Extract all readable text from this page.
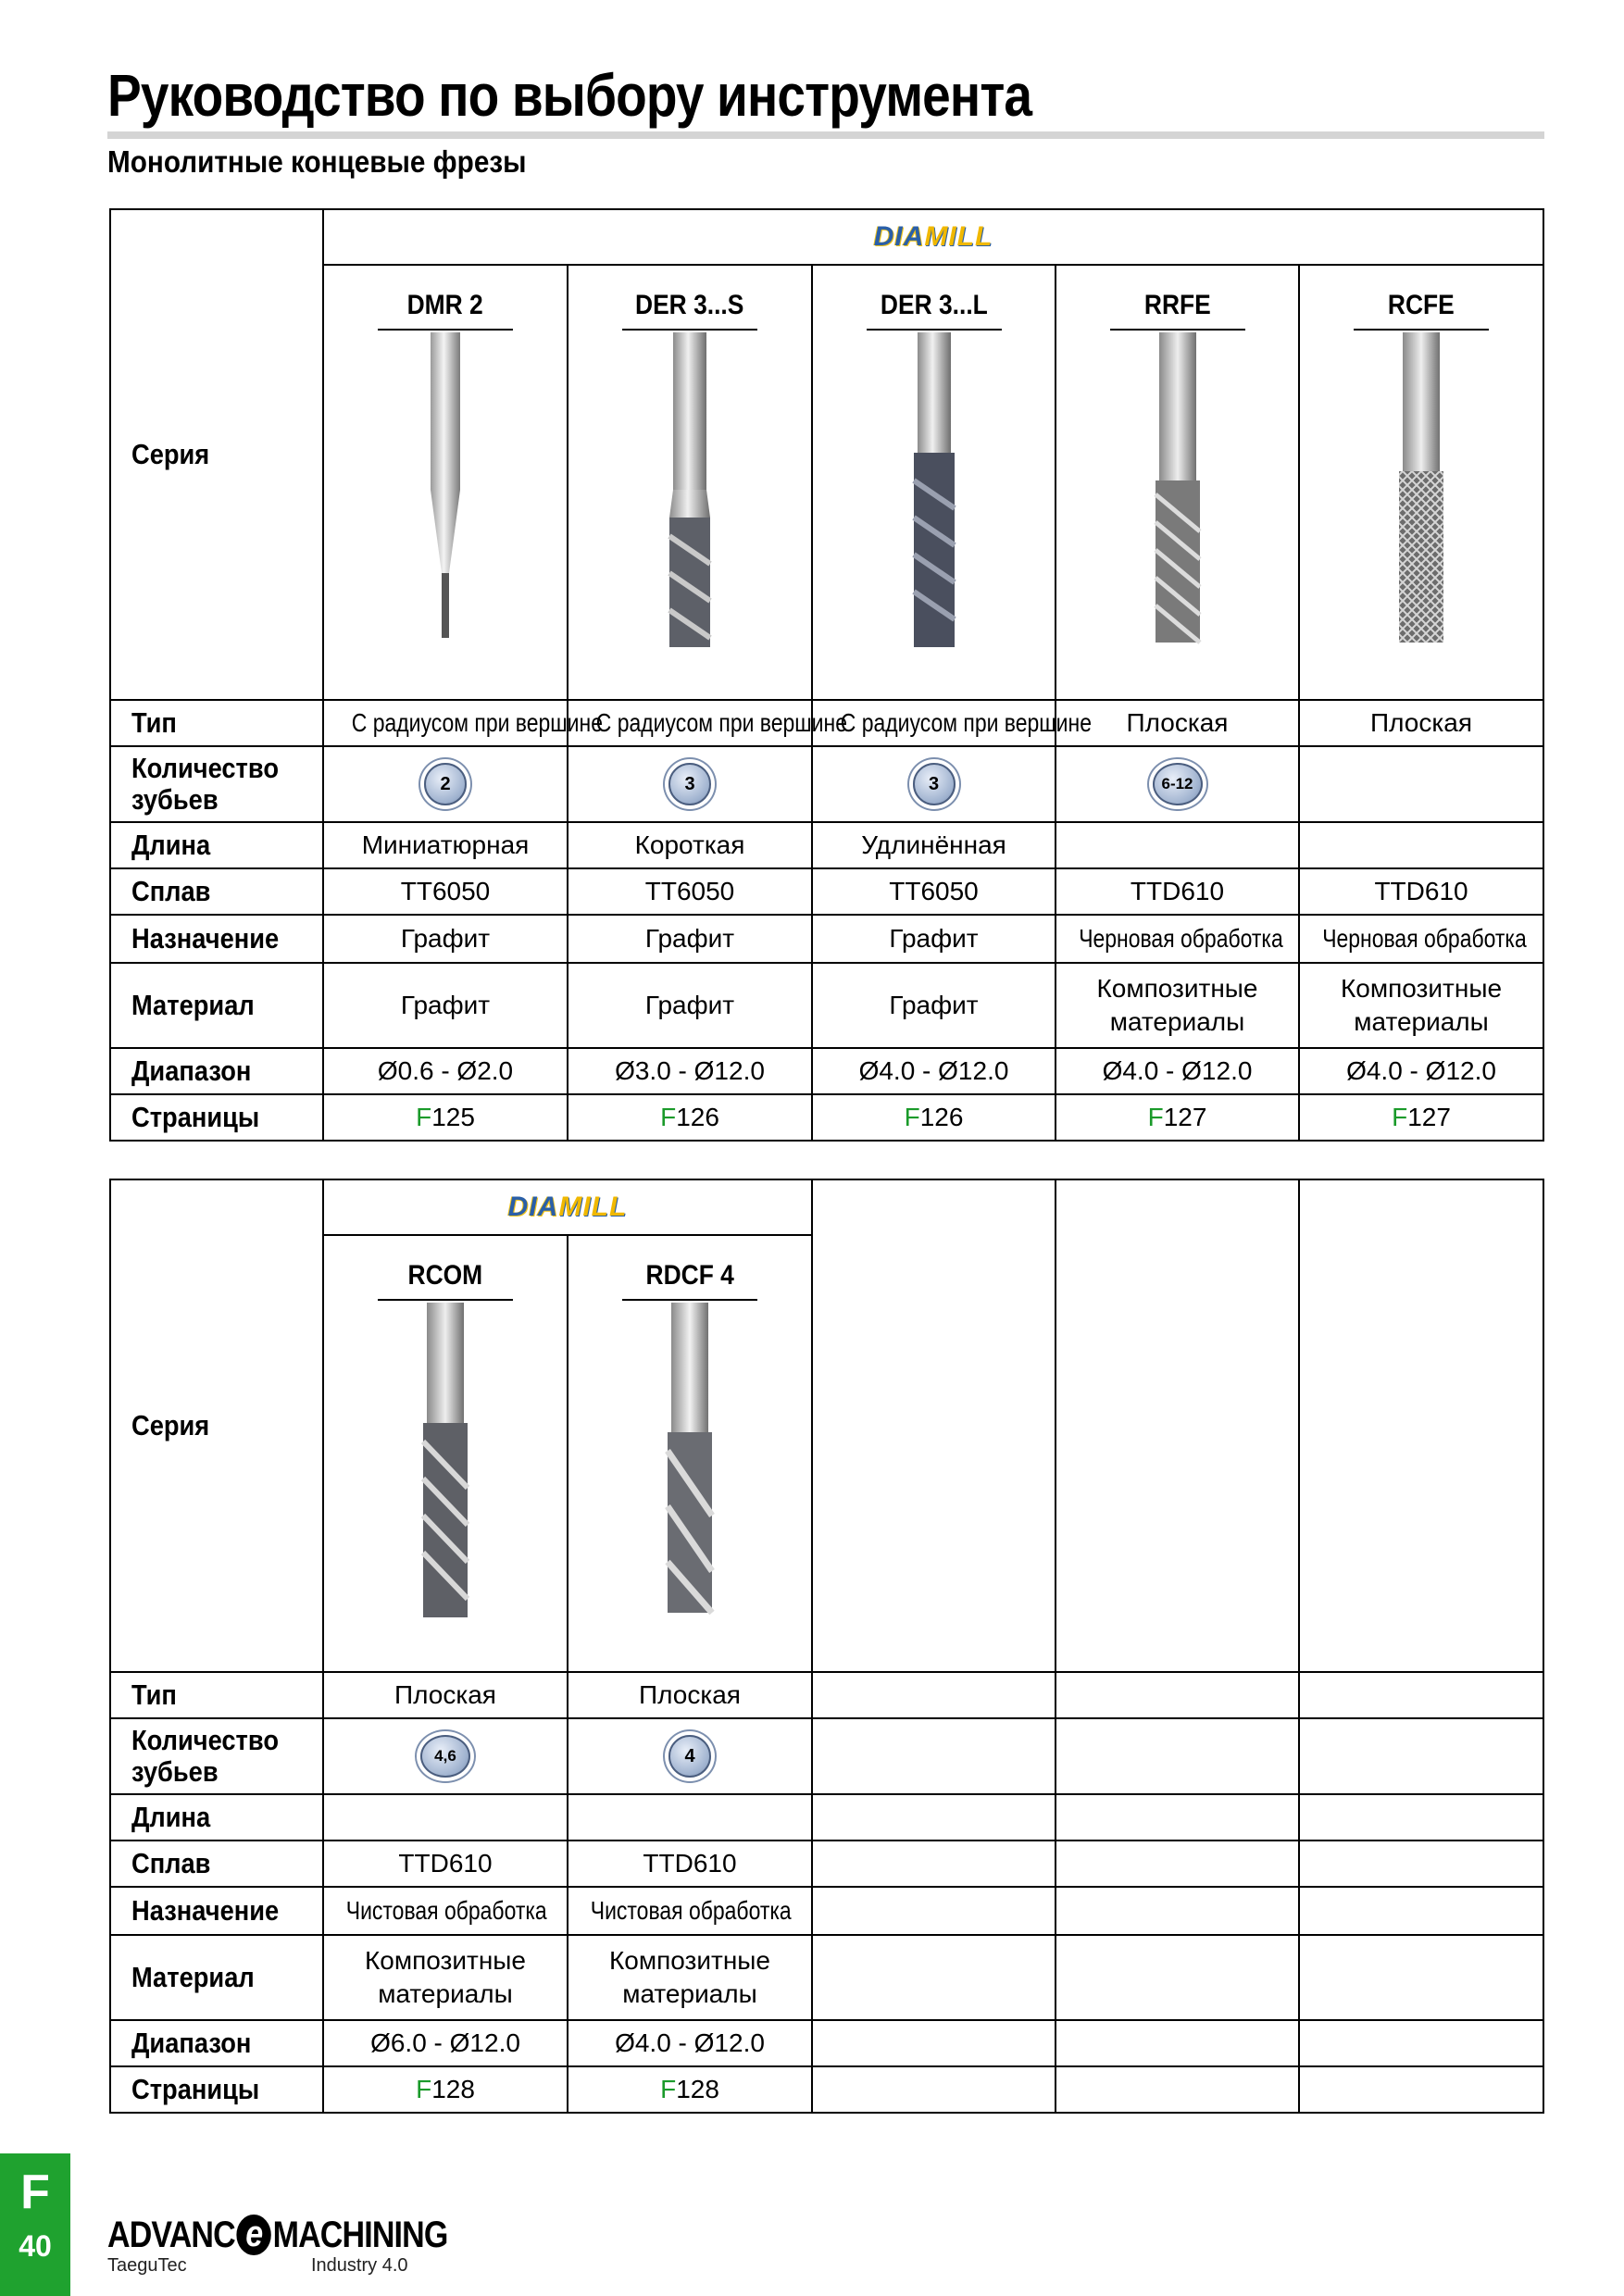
Руководство по выбору инструмента
Монолитные концевые фрезы
Серия	DIAMILL				

	DMR 2	DER 3...S	DER 3...L	RRFE	RCFE

Тип	С радиусом при вершине	С радиусом при вершине	С радиусом при вершине	Плоская	Плоская
Количество зубьев	2	3	3	6-12	
Длина	Миниатюрная	Короткая	Удлинённая		
Сплав	TT6050	TT6050	TT6050	TTD610	TTD610
Назначение	Графит	Графит	Графит	Черновая обработка	Черновая обработка
Материал	Графит	Графит	Графит	Композитные материалы	Композитные материалы
Диапазон	Ø0.6 - Ø2.0	Ø3.0 - Ø12.0	Ø4.0 - Ø12.0	Ø4.0 - Ø12.0	Ø4.0 - Ø12.0
Страницы	F125	F126	F126	F127	F127
Серия	DIAMILL				

	RCOM	RDCF 4			

Тип	Плоская	Плоская			
Количество зубьев	4,6	4			
Длина					
Сплав	TTD610	TTD610			
Назначение	Чистовая обработка	Чистовая обработка			
Материал	Композитные материалы	Композитные материалы			
Диапазон	Ø6.0 - Ø12.0	Ø4.0 - Ø12.0			
Страницы	F128	F128			
F
40	ADVANC e MACHINING
TaeguTec	Industry 4.0
